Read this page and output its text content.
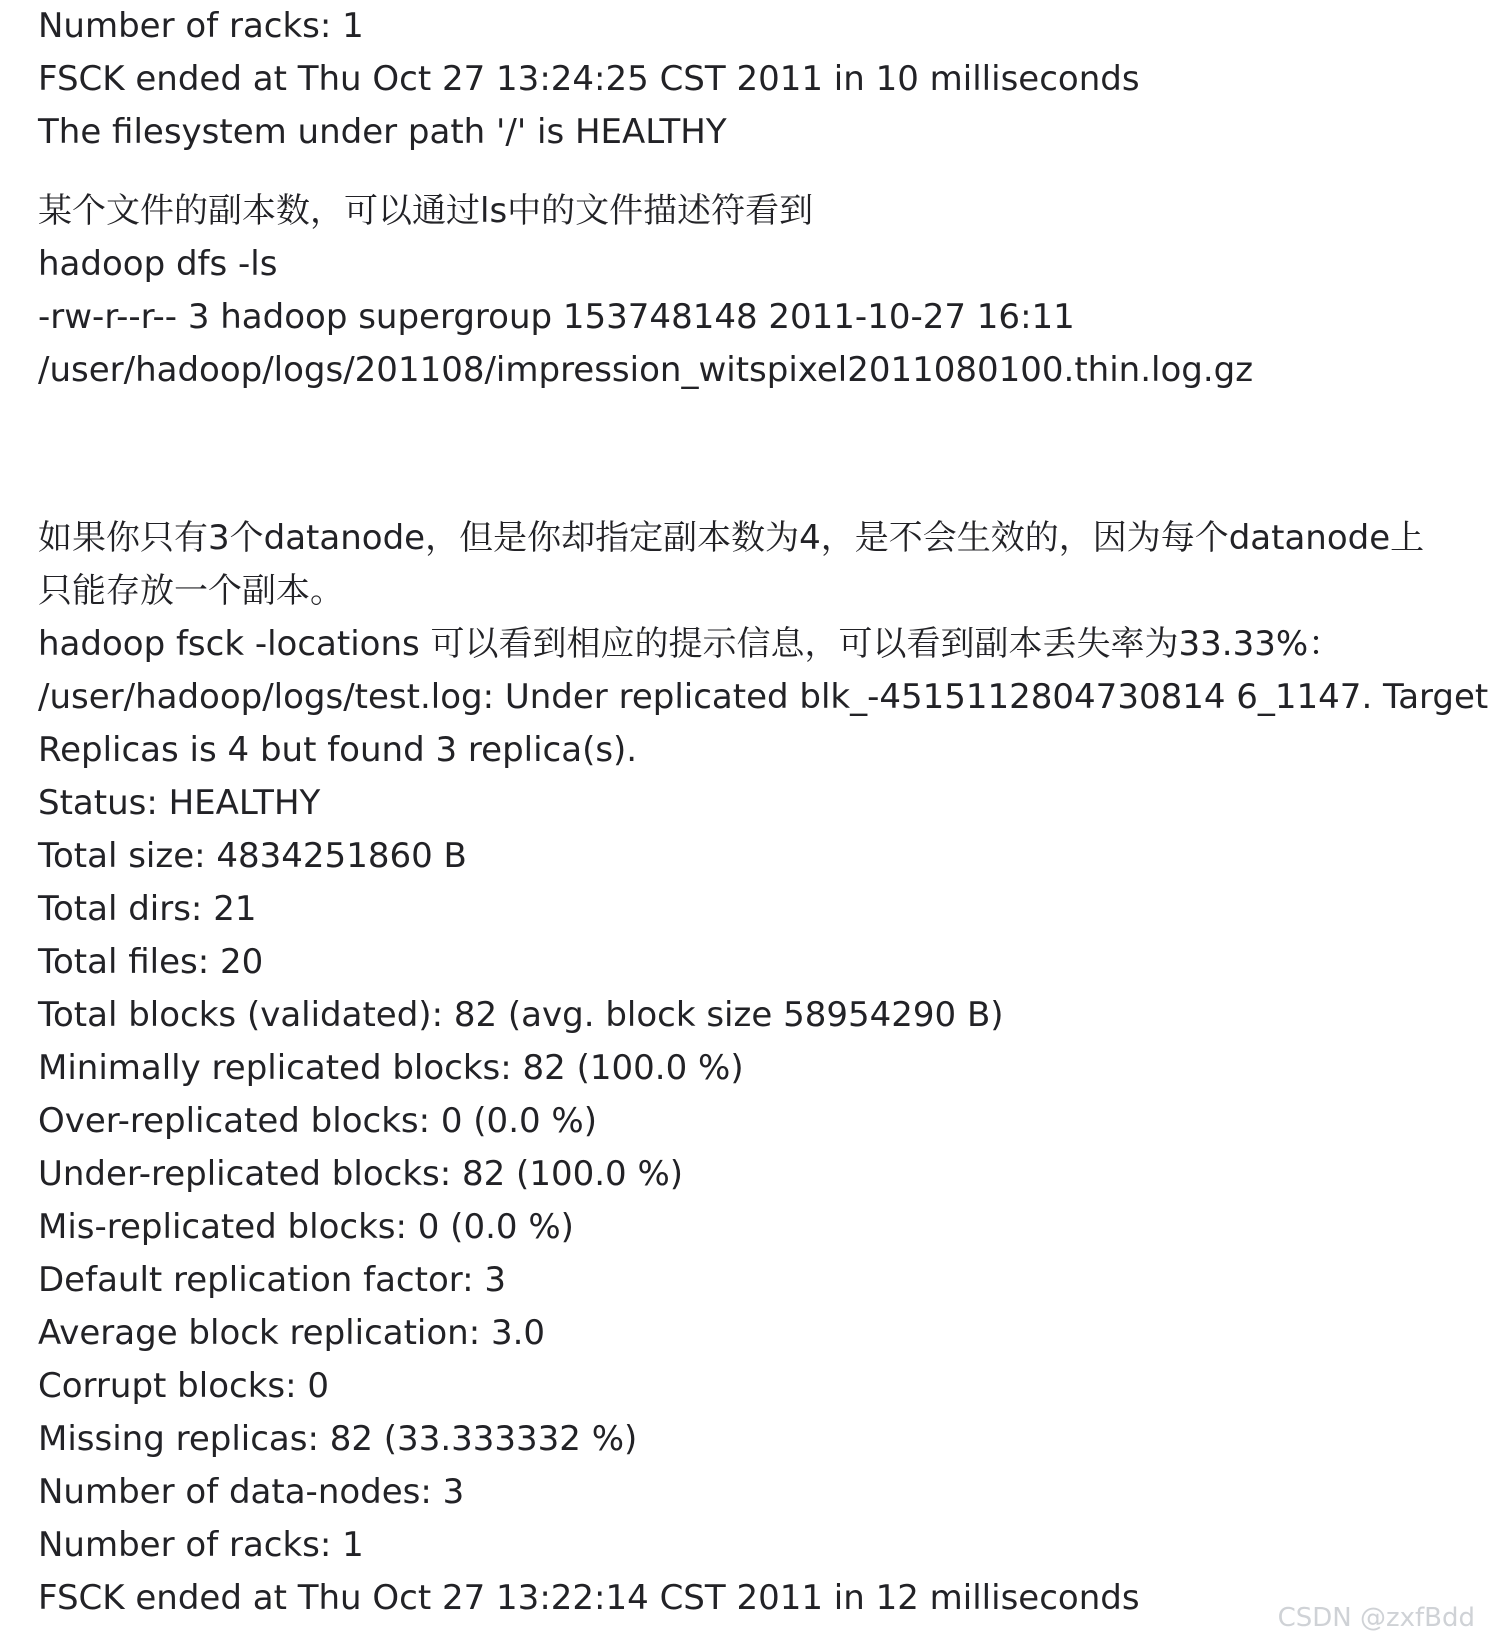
Number of racks: 1
FSCK ended at Thu Oct 27 13:24:25 CST 2011 in 10 milliseconds
The filesystem under path '/' is HEALTHY
某个文件的副本数，可以通过ls中的文件描述符看到
hadoop dfs -ls
-rw-r--r-- 3 hadoop supergroup 153748148 2011-10-27 16:11
/user/hadoop/logs/201108/impression_witspixel2011080100.thin.log.gz
如果你只有3个datanode，但是你却指定副本数为4，是不会生效的，因为每个datanode上
只能存放一个副本。
hadoop fsck -locations 可以看到相应的提示信息，可以看到副本丢失率为33.33%：
/user/hadoop/logs/test.log: Under replicated blk_-4515112804730814 6_1147. Target
Replicas is 4 but found 3 replica(s).
Status: HEALTHY
Total size: 4834251860 B
Total dirs: 21
Total files: 20
Total blocks (validated): 82 (avg. block size 58954290 B)
Minimally replicated blocks: 82 (100.0 %)
Over-replicated blocks: 0 (0.0 %)
Under-replicated blocks: 82 (100.0 %)
Mis-replicated blocks: 0 (0.0 %)
Default replication factor: 3
Average block replication: 3.0
Corrupt blocks: 0
Missing replicas: 82 (33.333332 %)
Number of data-nodes: 3
Number of racks: 1
FSCK ended at Thu Oct 27 13:22:14 CST 2011 in 12 milliseconds	CSDN @zxfBdd
